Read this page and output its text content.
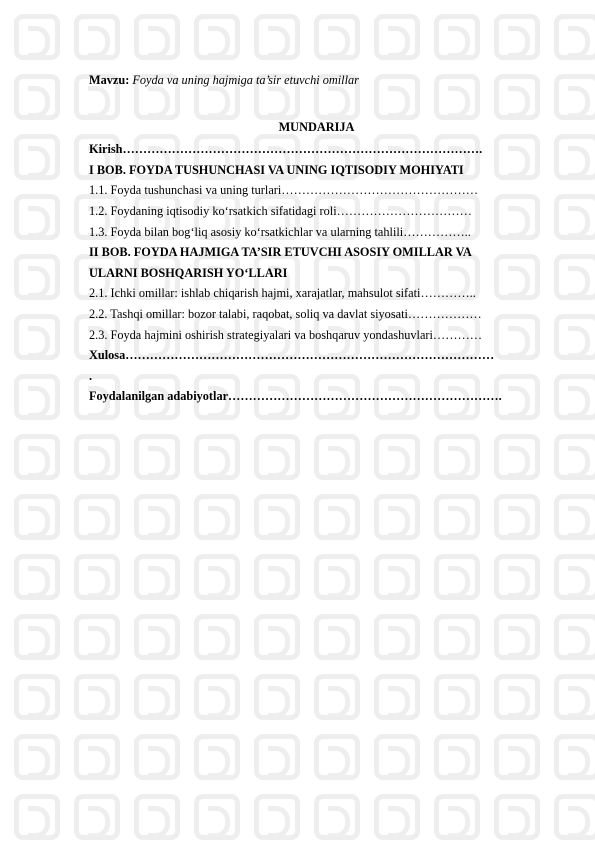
Mavzu: Foyda va uning hajmiga ta’sir etuvchi omillar
MUNDARIJA
Kirish…………………………………………………………………………….
I BOB. FOYDA TUSHUNCHASI VA UNING IQTISODIY MOHIYATI
1.1. Foyda tushunchasi va uning turlari…………………………………………
1.2. Foydaning iqtisodiy koʻrsatkich sifatidagi roli……………………………
1.3. Foyda bilan bogʻliq asosiy koʻrsatkichlar va ularning tahlili……………..
II BOB. FOYDA HAJMIGA TA’SIR ETUVCHI ASOSIY OMILLAR VA
ULARNI BOSHQARISH YOʻLLARI
2.1. Ichki omillar: ishlab chiqarish hajmi, xarajatlar, mahsulot sifati…………..
2.2. Tashqi omillar: bozor talabi, raqobat, soliq va davlat siyosati………………
2.3. Foyda hajmini oshirish strategiyalari va boshqaruv yondashuvlari…………
Xulosa………………………………………………………………………………
.
Foydalanilgan adabiyotlar………………………………………………………….
